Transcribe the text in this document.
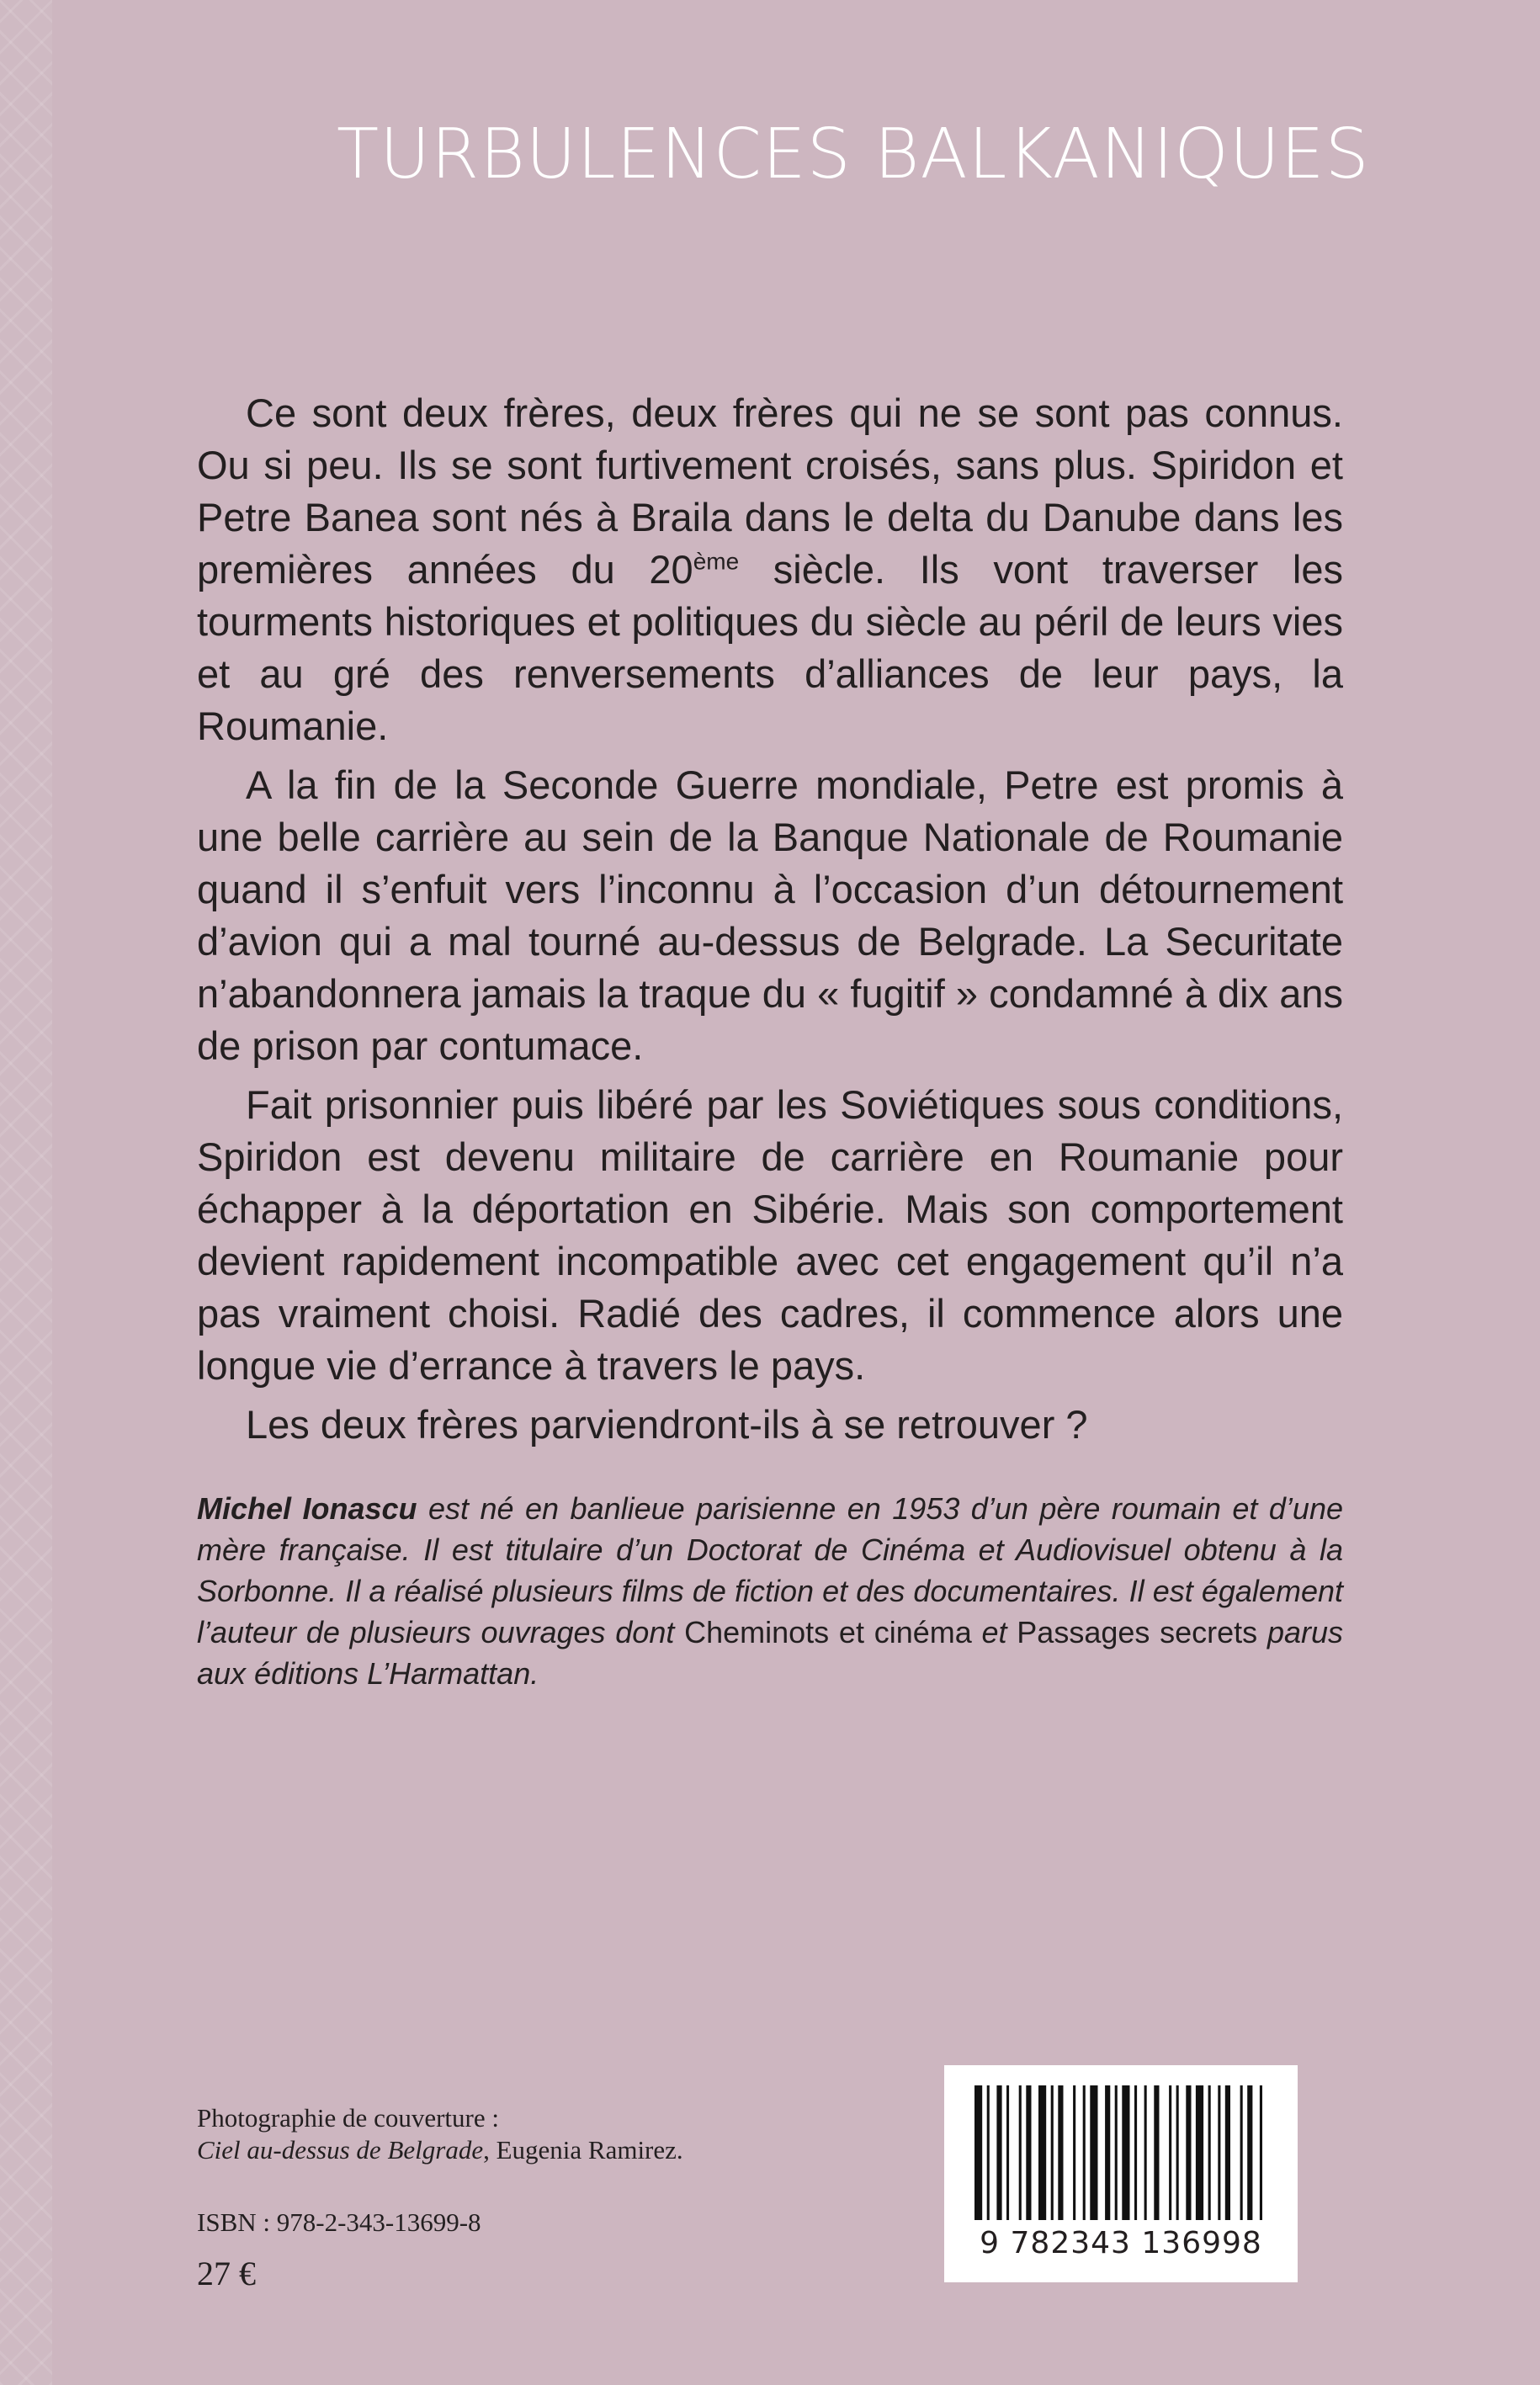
TURBULENCES BALKANIQUES

Ce sont deux frères, deux frères qui ne se sont pas connus. Ou si peu. Ils se sont furtivement croisés, sans plus. Spiridon et Petre Banea sont nés à Braila dans le delta du Danube dans les premières années du 20ème siècle. Ils vont traverser les tourments historiques et politiques du siècle au péril de leurs vies et au gré des renversements d’alliances de leur pays, la Roumanie.

A la fin de la Seconde Guerre mondiale, Petre est promis à une belle carrière au sein de la Banque Nationale de Roumanie quand il s’enfuit vers l’inconnu à l’occasion d’un détournement d’avion qui a mal tourné au-dessus de Belgrade. La Securitate n’abandonnera jamais la traque du « fugitif » condamné à dix ans de prison par contumace.

Fait prisonnier puis libéré par les Soviétiques sous conditions, Spiridon est devenu militaire de carrière en Roumanie pour échapper à la déportation en Sibérie. Mais son comportement devient rapidement incompatible avec cet engagement qu’il n’a pas vraiment choisi. Radié des cadres, il commence alors une longue vie d’errance à travers le pays.

Les deux frères parviendront-ils à se retrouver ?

Michel Ionascu est né en banlieue parisienne en 1953 d’un père roumain et d’une mère française. Il est titulaire d’un Doctorat de Cinéma et Audiovisuel obtenu à la Sorbonne. Il a réalisé plusieurs films de fiction et des documentaires. Il est également l’auteur de plusieurs ouvrages dont Cheminots et cinéma et Passages secrets parus aux éditions L’Harmattan.

Photographie de couverture :
Ciel au-dessus de Belgrade, Eugenia Ramirez.
ISBN : 978-2-343-13699-8
27 €
9 782343 136998
